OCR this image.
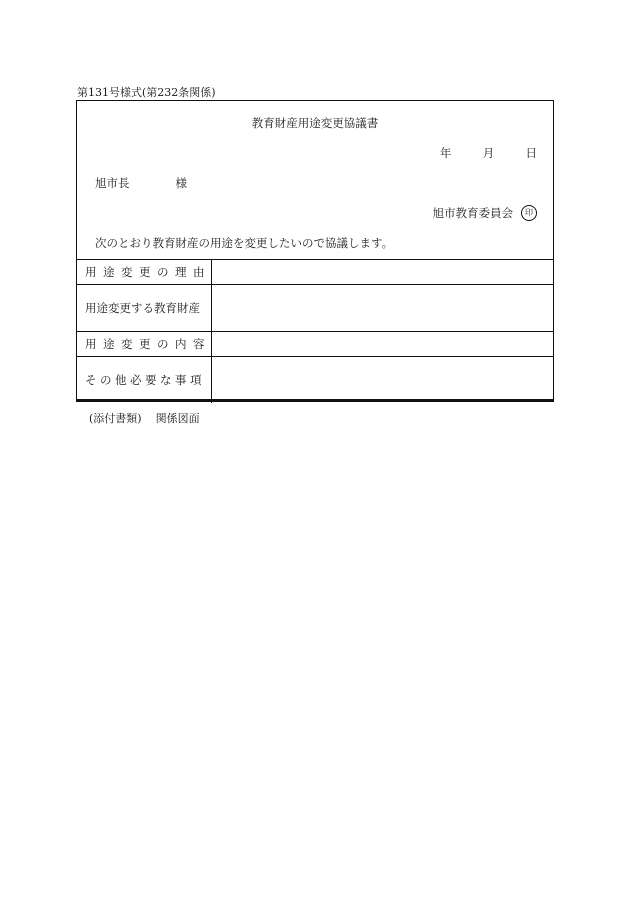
第131号様式(第232条関係)
教育財産用途変更協議書
年	月	日
旭市長	様
旭市教育委員会	印
次のとおり教育財産の用途を変更したいので協議します。
用途変更の理由	
用途変更する教育財産	
用途変更の内容	
その他必要な事項	
(添付書類) 関係図面
